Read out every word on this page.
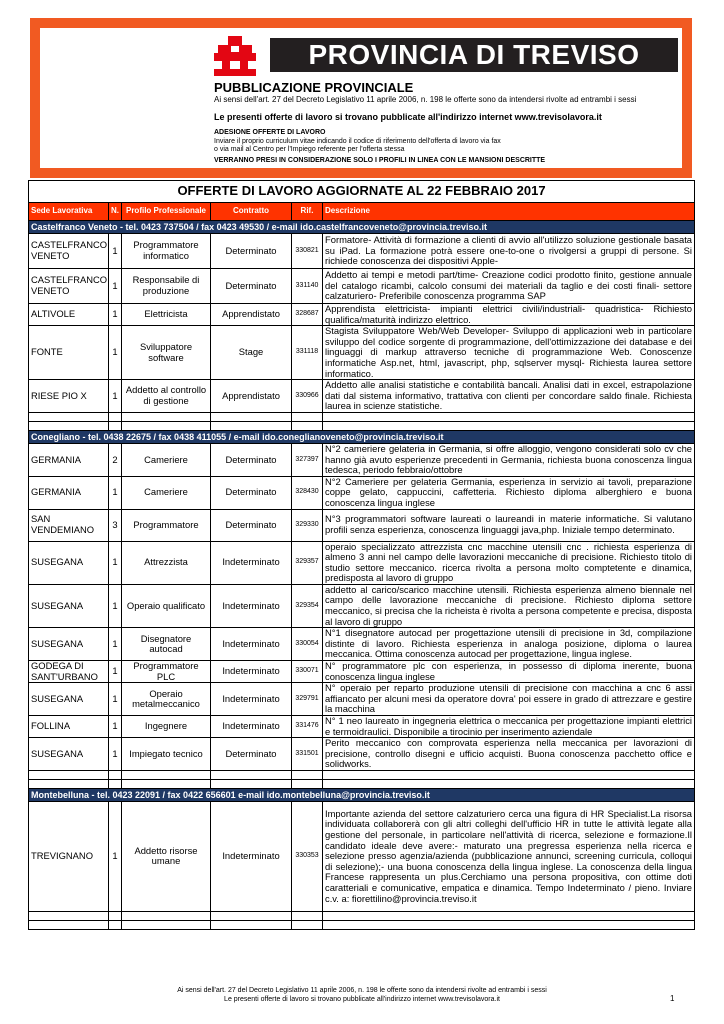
PROVINCIA DI TREVISO
PUBBLICAZIONE PROVINCIALE
Ai sensi dell'art. 27 del Decreto Legislativo 11 aprile 2006, n. 198 le offerte sono da intendersi rivolte ad entrambi i sessi
Le presenti offerte di lavoro si trovano pubblicate all'indirizzo internet www.trevisolavora.it
ADESIONE OFFERTE DI LAVORO
Inviare il proprio curriculum vitae indicando il codice di riferimento dell'offerta di lavoro via fax
o via mail al Centro per l'Impiego referente per l'offerta stessa
VERRANNO PRESI IN CONSIDERAZIONE SOLO I PROFILI IN LINEA CON LE MANSIONI DESCRITTE
OFFERTE DI LAVORO AGGIORNATE AL 22 FEBBRAIO 2017					
Sede Lavorativa	N.	Profilo Professionale	Contratto	Rif.	Descrizione
Castelfranco Veneto - tel. 0423 737504 / fax 0423 49530 / e-mail ido.castelfrancoveneto@provincia.treviso.it					
CASTELFRANCO VENETO	1	Programmatore informatico	Determinato	330821	Formatore- Attività di formazione a clienti di avvio all'utilizzo soluzione gestionale basata su iPad. La formazione potrà essere one-to-one o rivolgersi a gruppi di persone. Si richiede conoscenza dei dispositivi Apple-
CASTELFRANCO VENETO	1	Responsabile di produzione	Determinato	331140	Addetto ai tempi e metodi part/time- Creazione codici prodotto finito, gestione annuale del catalogo ricambi, calcolo consumi dei materiali da taglio e dei costi finali- settore calzaturiero- Preferibile conoscenza programma SAP
ALTIVOLE	1	Elettricista	Apprendistato	328687	Apprendista elettricista- impianti elettrici civili/industriali- quadristica- Richiesto qualifica/maturità indirizzo elettrico.
FONTE	1	Sviluppatore software	Stage	331118	Stagista Sviluppatore Web/Web Developer- Sviluppo di applicazioni web in particolare sviluppo del codice sorgente di programmazione, dell'ottimizzazione dei database e dei linguaggi di markup attraverso tecniche di programmazione Web. Conoscenze informatiche Asp.net, html, javascript, php, sqlserver mysql- Richiesta laurea settore informatico.
RIESE PIO X	1	Addetto al controllo di gestione	Apprendistato	330966	Addetto alle analisi statistiche e contabilità bancali. Analisi dati in excel, estrapolazione dati dal sistema informativo, trattativa con clienti per concordare saldo finale. Richiesta laurea in scienze statistiche.

Conegliano - tel. 0438 22675 / fax 0438 411055 / e-mail ido.coneglianoveneto@provincia.treviso.it					
GERMANIA	2	Cameriere	Determinato	327397	N°2 cameriere gelateria in Germania, si offre alloggio, vengono considerati solo cv che hanno già avuto esperienze precedenti in Germania, richiesta buona conoscenza lingua tedesca, periodo febbraio/ottobre
GERMANIA	1	Cameriere	Determinato	328430	N°2 Cameriere per gelateria Germania, esperienza in servizio ai tavoli, preparazione coppe gelato, cappuccini, caffetteria. Richiesto diploma alberghiero e buona conoscenza lingua inglese
SAN VENDEMIANO	3	Programmatore	Determinato	329330	N°3 programmatori software laureati o laureandi in materie informatiche. Si valutano profili senza esperienza, conoscenza linguaggi java,php. Iniziale tempo determinato.
SUSEGANA	1	Attrezzista	Indeterminato	329357	operaio specializzato attrezzista cnc macchine utensili cnc . richiesta esperienza di almeno 3 anni nel campo delle lavorazioni meccaniche di precisione. Richiesto titolo di studio settore meccanico. ricerca rivolta a persona molto comptetente e dinamica, predisposta al lavoro di gruppo
SUSEGANA	1	Operaio qualificato	Indeterminato	329354	addetto al carico/scarico macchine utensili. Richiesta esperienza almeno biennale nel campo delle lavorazione meccaniche di precisione. Richiesto diploma settore meccanico, si precisa che la richeista è rivolta a persona competente e precisa, disposta al lavoro di gruppo
SUSEGANA	1	Disegnatore autocad	Indeterminato	330054	N°1 disegnatore autocad per progettazione utensili di precisione in 3d, compilazione distinte di lavoro. Richiesta esperienza in analoga posizione, diploma o laurea meccanica. Ottima conoscenza autocad per progettazione, lingua inglese.
GODEGA DI SANT'URBANO	1	Programmatore PLC	Indeterminato	330071	N° programmatore plc con esperienza, in possesso di diploma inerente, buona conoscenza lingua inglese
SUSEGANA	1	Operaio metalmeccanico	Indeterminato	329791	N° operaio per reparto produzione utensili di precisione con macchina a cnc 6 assi affiancato per alcuni mesi da operatore dovra' poi essere in grado di attrezzare e gestire la macchina
FOLLINA	1	Ingegnere	Indeterminato	331476	N° 1 neo laureato in ingegneria elettrica o meccanica per progettazione impianti elettrici e termoidraulici. Disponibile a tirocinio per inserimento aziendale
SUSEGANA	1	Impiegato tecnico	Determinato	331501	Perito meccanico con comprovata esperienza nella meccanica per lavorazioni di precisione, controllo disegni e ufficio acquisti. Buona conoscenza pacchetto office e solidworks.

Montebelluna - tel. 0423 22091 / fax 0422 656601 e-mail ido.montebelluna@provincia.treviso.it					
TREVIGNANO	1	Addetto risorse umane	Indeterminato	330353	Importante azienda del settore calzaturiero cerca una figura di HR Specialist.La risorsa individuata collaborerà con gli altri colleghi dell'ufficio HR in tutte le attività legate alla gestione del personale, in particolare nell'attività di ricerca, selezione e formazione.Il candidato ideale deve avere:- maturato una pregressa esperienza nella ricerca e selezione presso agenzia/azienda (pubblicazione annunci, screening curricula, colloqui di selezione);- una buona conoscenza della lingua inglese. La conoscenza della lingua Francese rappresenta un plus.Cerchiamo una persona propositiva, con ottime doti caratteriali e comunicative, empatica e dinamica. Tempo Indeterminato / pieno. Inviare c.v. a: fiorettilino@provincia.treviso.it

Ai sensi dell'art. 27 del Decreto Legislativo 11 aprile 2006, n. 198 le offerte sono da intendersi rivolte ad entrambi i sessi
Le presenti offerte di lavoro si trovano pubblicate all'indirizzo internet www.trevisolavora.it	1
